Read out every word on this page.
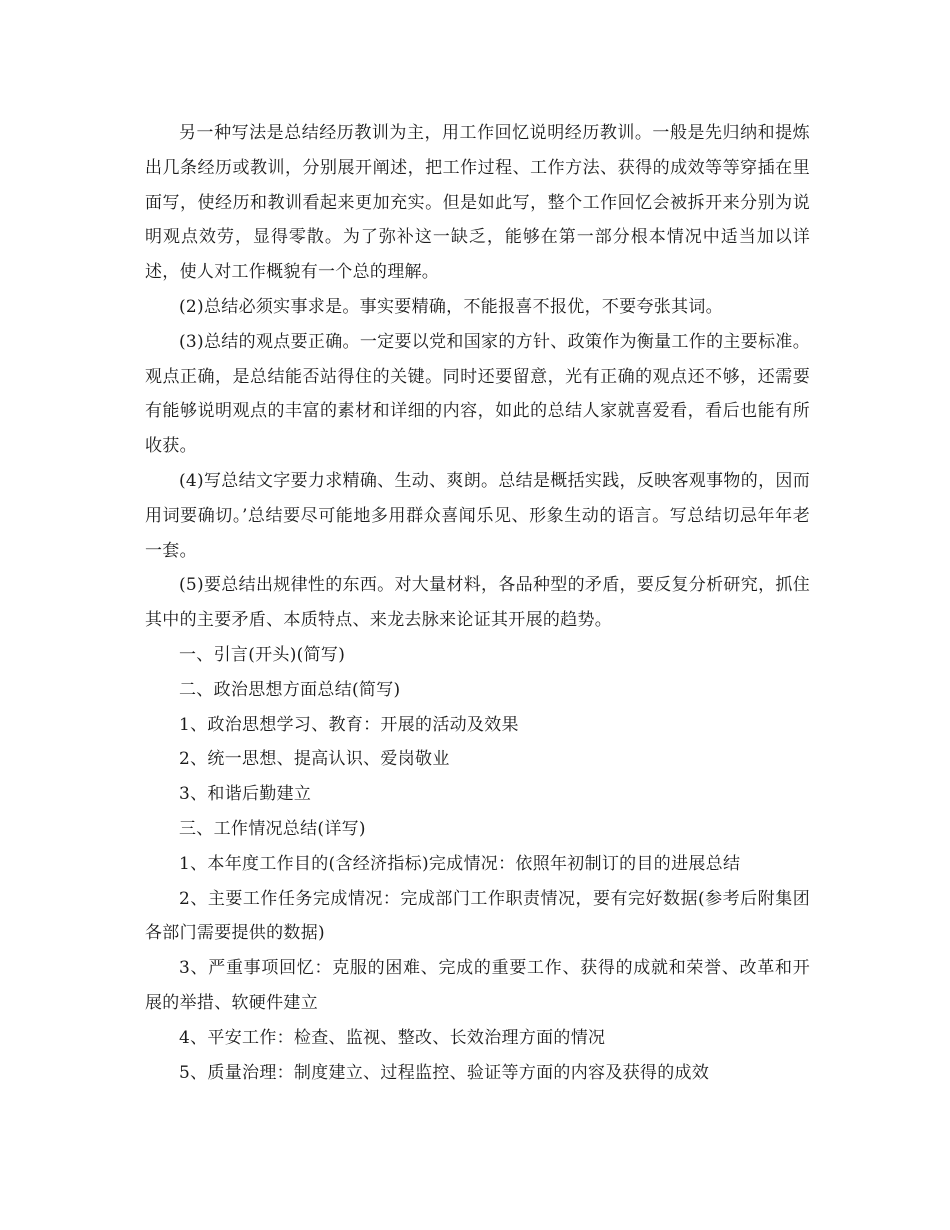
另一种写法是总结经历教训为主，用工作回忆说明经历教训。一般是先归纳和提炼出几条经历或教训，分别展开阐述，把工作过程、工作方法、获得的成效等等穿插在里面写，使经历和教训看起来更加充实。但是如此写，整个工作回忆会被拆开来分别为说明观点效劳，显得零散。为了弥补这一缺乏，能够在第一部分根本情况中适当加以详述，使人对工作概貌有一个总的理解。

(2)总结必须实事求是。事实要精确，不能报喜不报优，不要夸张其词。

(3)总结的观点要正确。一定要以党和国家的方针、政策作为衡量工作的主要标准。观点正确，是总结能否站得住的关键。同时还要留意，光有正确的观点还不够，还需要有能够说明观点的丰富的素材和详细的内容，如此的总结人家就喜爱看，看后也能有所收获。

(4)写总结文字要力求精确、生动、爽朗。总结是概括实践，反映客观事物的，因而用词要确切。’总结要尽可能地多用群众喜闻乐见、形象生动的语言。写总结切忌年年老一套。

(5)要总结出规律性的东西。对大量材料，各品种型的矛盾，要反复分析研究，抓住其中的主要矛盾、本质特点、来龙去脉来论证其开展的趋势。

一、引言(开头)(简写)

二、政治思想方面总结(简写)

1、政治思想学习、教育：开展的活动及效果

2、统一思想、提高认识、爱岗敬业

3、和谐后勤建立

三、工作情况总结(详写)

1、本年度工作目的(含经济指标)完成情况：依照年初制订的目的进展总结

2、主要工作任务完成情况：完成部门工作职责情况，要有完好数据(参考后附集团各部门需要提供的数据)

3、严重事项回忆：克服的困难、完成的重要工作、获得的成就和荣誉、改革和开展的举措、软硬件建立

4、平安工作：检查、监视、整改、长效治理方面的情况

5、质量治理：制度建立、过程监控、验证等方面的内容及获得的成效
